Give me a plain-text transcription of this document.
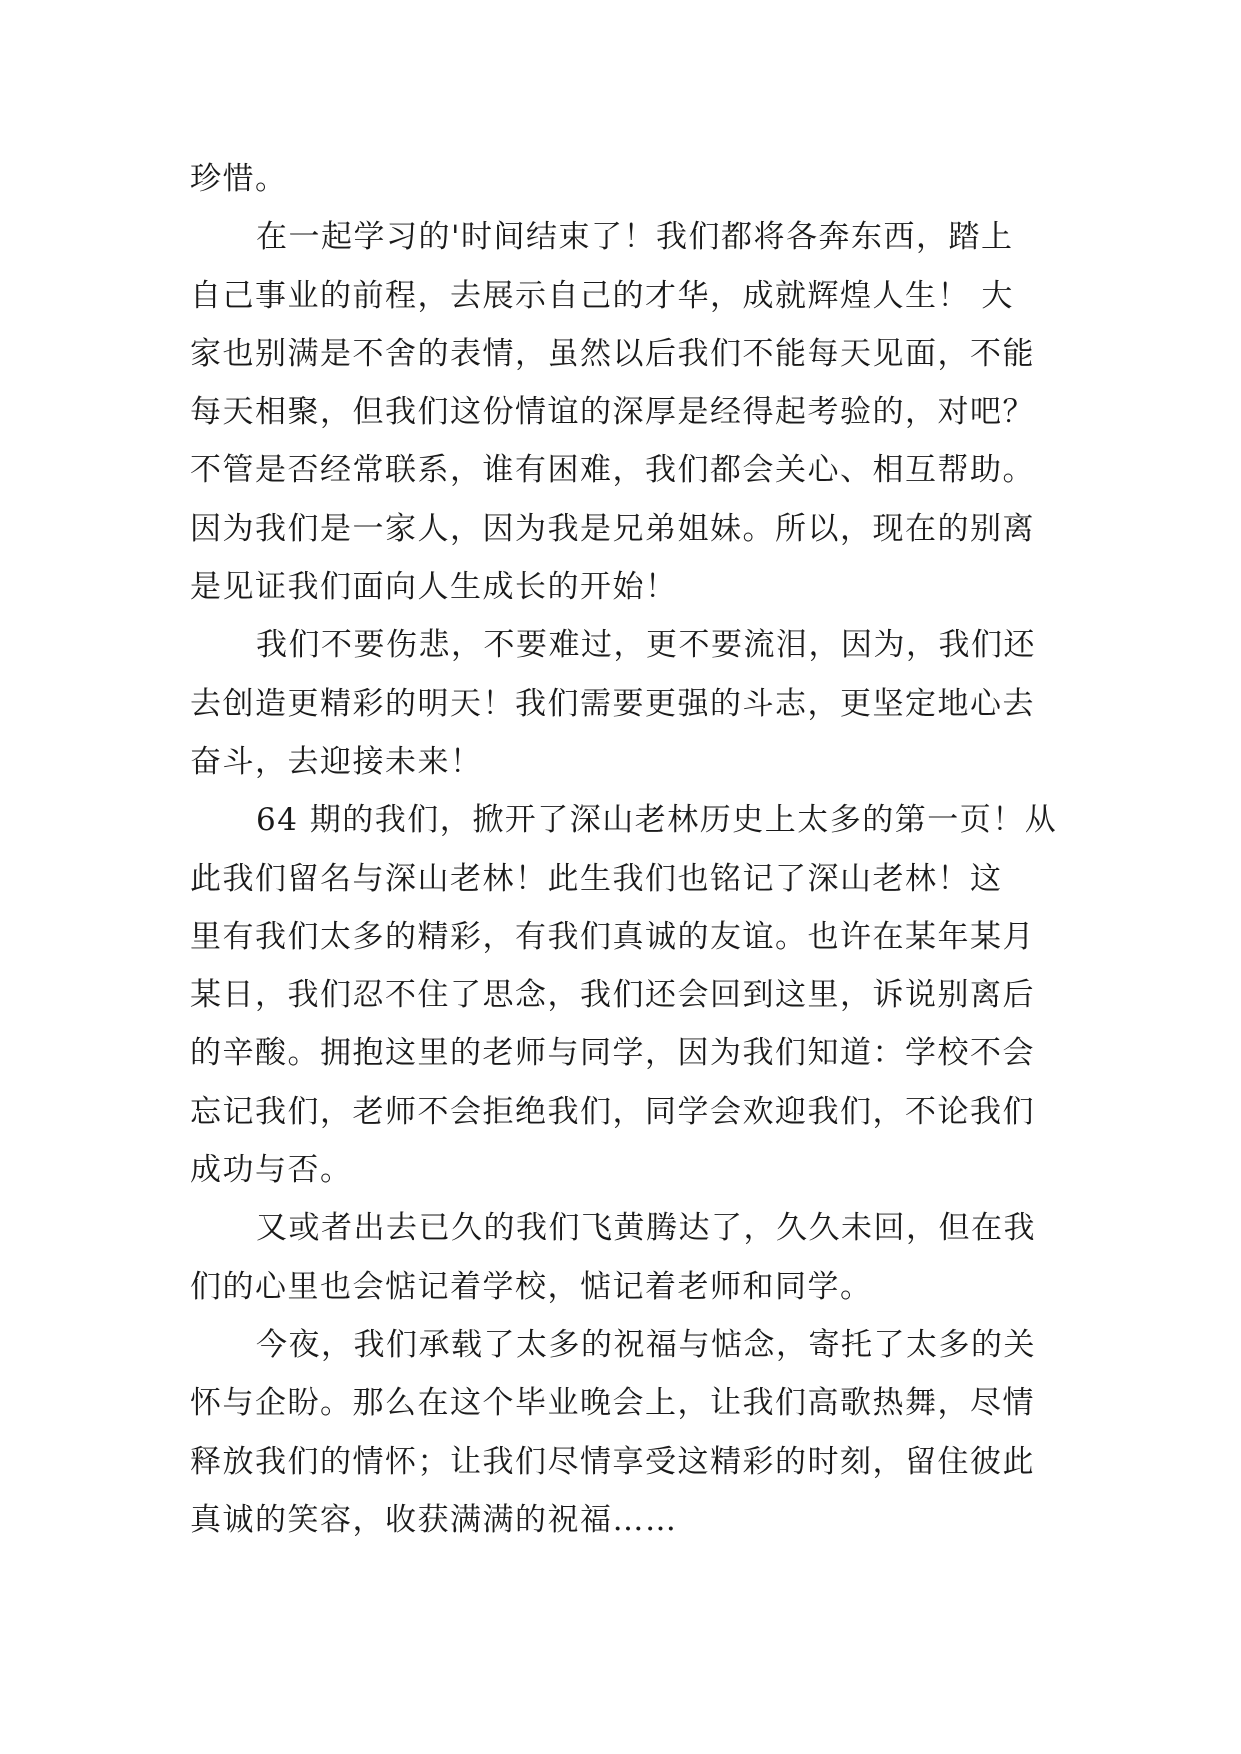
珍惜。
在一起学习的'时间结束了！我们都将各奔东西，踏上
自己事业的前程，去展示自己的才华，成就辉煌人生！ 大
家也别满是不舍的表情，虽然以后我们不能每天见面，不能
每天相聚，但我们这份情谊的深厚是经得起考验的，对吧？
不管是否经常联系，谁有困难，我们都会关心、相互帮助。
因为我们是一家人，因为我是兄弟姐妹。所以，现在的别离
是见证我们面向人生成长的开始！
我们不要伤悲，不要难过，更不要流泪，因为，我们还
去创造更精彩的明天！我们需要更强的斗志，更坚定地心去
奋斗，去迎接未来！
64 期的我们，掀开了深山老林历史上太多的第一页！从
此我们留名与深山老林！此生我们也铭记了深山老林！这
里有我们太多的精彩，有我们真诚的友谊。也许在某年某月
某日，我们忍不住了思念，我们还会回到这里，诉说别离后
的辛酸。拥抱这里的老师与同学，因为我们知道：学校不会
忘记我们，老师不会拒绝我们，同学会欢迎我们，不论我们
成功与否。
又或者出去已久的我们飞黄腾达了，久久未回，但在我
们的心里也会惦记着学校，惦记着老师和同学。
今夜，我们承载了太多的祝福与惦念，寄托了太多的关
怀与企盼。那么在这个毕业晚会上，让我们高歌热舞，尽情
释放我们的情怀；让我们尽情享受这精彩的时刻，留住彼此
真诚的笑容，收获满满的祝福……
